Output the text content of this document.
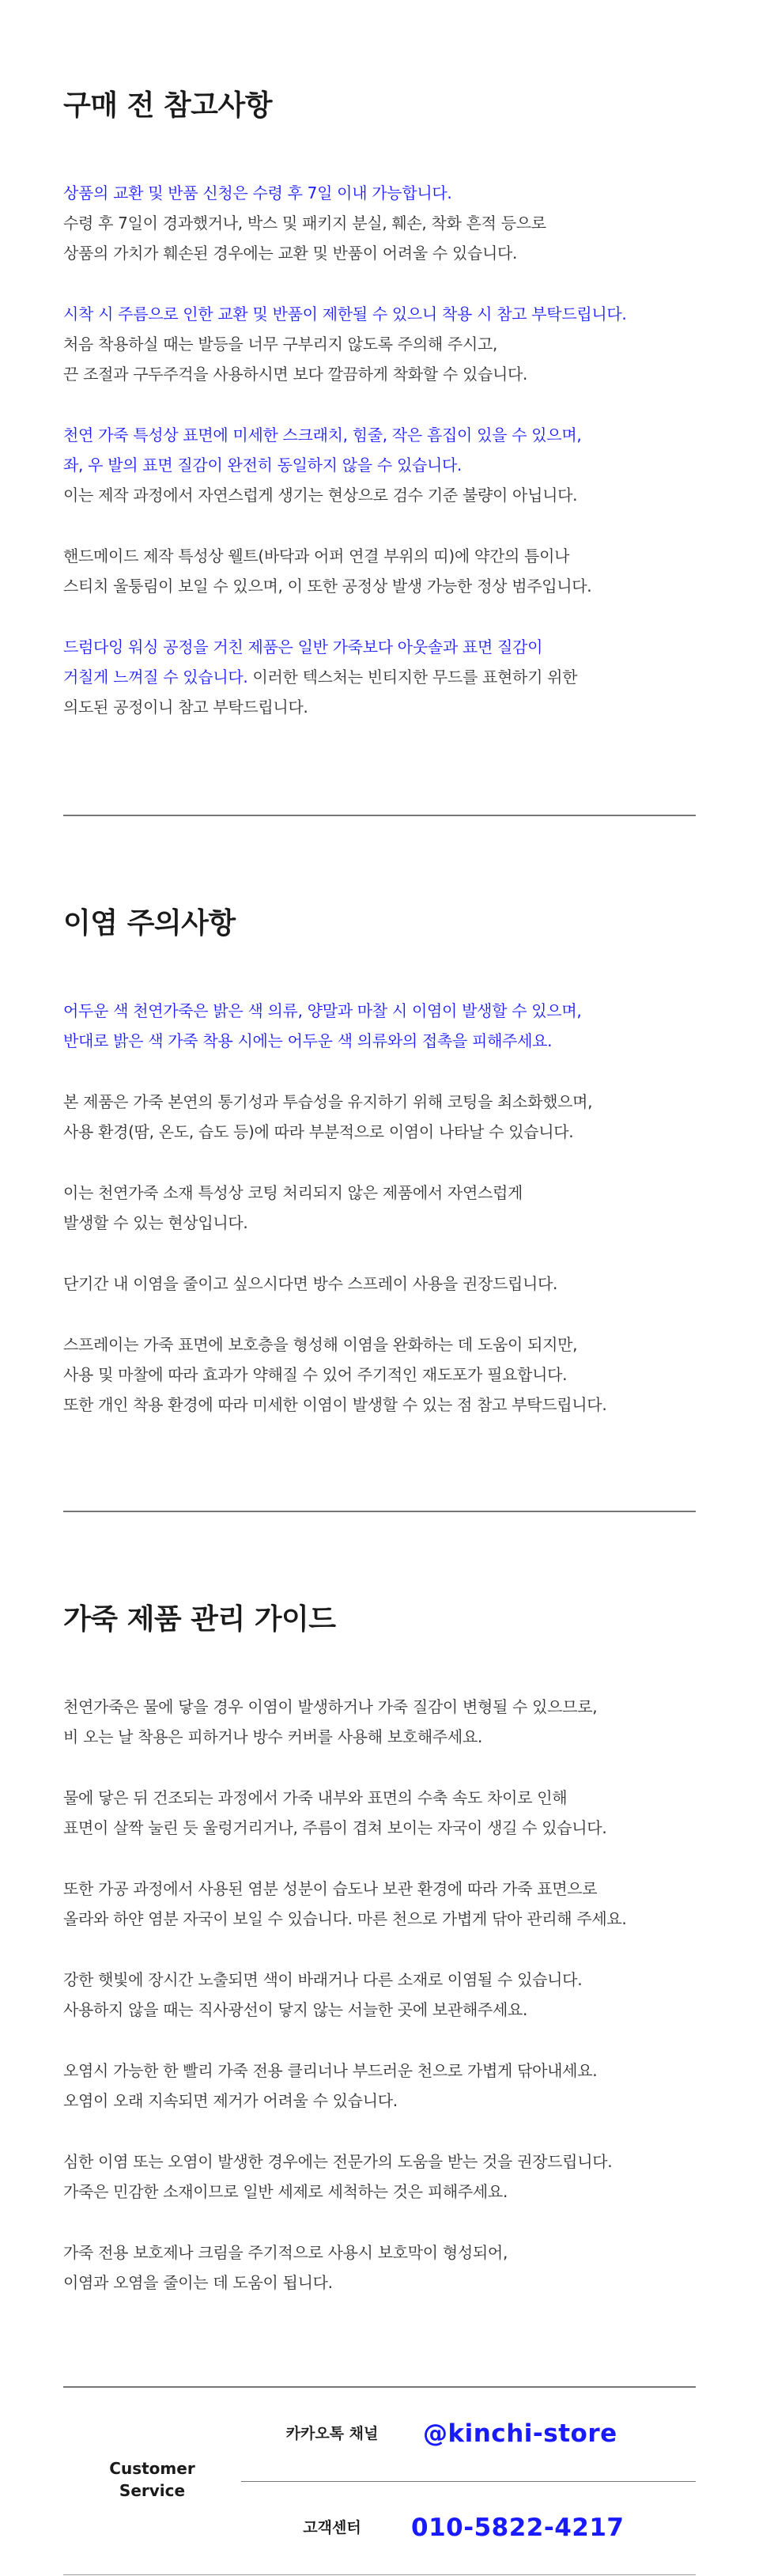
구매 전 참고사항
상품의 교환 및 반품 신청은 수령 후 7일 이내 가능합니다.
수령 후 7일이 경과했거나, 박스 및 패키지 분실, 훼손, 착화 흔적 등으로
상품의 가치가 훼손된 경우에는 교환 및 반품이 어려울 수 있습니다.
시착 시 주름으로 인한 교환 및 반품이 제한될 수 있으니 착용 시 참고 부탁드립니다.
처음 착용하실 때는 발등을 너무 구부리지 않도록 주의해 주시고,
끈 조절과 구두주걱을 사용하시면 보다 깔끔하게 착화할 수 있습니다.
천연 가죽 특성상 표면에 미세한 스크래치, 힘줄, 작은 흠집이 있을 수 있으며,
좌, 우 발의 표면 질감이 완전히 동일하지 않을 수 있습니다.
이는 제작 과정에서 자연스럽게 생기는 현상으로 검수 기준 불량이 아닙니다.
핸드메이드 제작 특성상 웰트(바닥과 어퍼 연결 부위의 띠)에 약간의 틈이나
스티치 울퉁림이 보일 수 있으며, 이 또한 공정상 발생 가능한 정상 범주입니다.
드럼다잉 워싱 공정을 거친 제품은 일반 가죽보다 아웃솔과 표면 질감이
거칠게 느껴질 수 있습니다. 이러한 텍스처는 빈티지한 무드를 표현하기 위한
의도된 공정이니 참고 부탁드립니다.
이염 주의사항
어두운 색 천연가죽은 밝은 색 의류, 양말과 마찰 시 이염이 발생할 수 있으며,
반대로 밝은 색 가죽 착용 시에는 어두운 색 의류와의 접촉을 피해주세요.
본 제품은 가죽 본연의 통기성과 투습성을 유지하기 위해 코팅을 최소화했으며,
사용 환경(땀, 온도, 습도 등)에 따라 부분적으로 이염이 나타날 수 있습니다.
이는 천연가죽 소재 특성상 코팅 처리되지 않은 제품에서 자연스럽게
발생할 수 있는 현상입니다.
단기간 내 이염을 줄이고 싶으시다면 방수 스프레이 사용을 권장드립니다.
스프레이는 가죽 표면에 보호층을 형성해 이염을 완화하는 데 도움이 되지만,
사용 및 마찰에 따라 효과가 약해질 수 있어 주기적인 재도포가 필요합니다.
또한 개인 착용 환경에 따라 미세한 이염이 발생할 수 있는 점 참고 부탁드립니다.
가죽 제품 관리 가이드
천연가죽은 물에 닿을 경우 이염이 발생하거나 가죽 질감이 변형될 수 있으므로,
비 오는 날 착용은 피하거나 방수 커버를 사용해 보호해주세요.
물에 닿은 뒤 건조되는 과정에서 가죽 내부와 표면의 수축 속도 차이로 인해
표면이 살짝 눌린 듯 울렁거리거나, 주름이 겹쳐 보이는 자국이 생길 수 있습니다.
또한 가공 과정에서 사용된 염분 성분이 습도나 보관 환경에 따라 가죽 표면으로
올라와 하얀 염분 자국이 보일 수 있습니다. 마른 천으로 가볍게 닦아 관리해 주세요.
강한 햇빛에 장시간 노출되면 색이 바래거나 다른 소재로 이염될 수 있습니다.
사용하지 않을 때는 직사광선이 닿지 않는 서늘한 곳에 보관해주세요.
오염시 가능한 한 빨리 가죽 전용 클리너나 부드러운 천으로 가볍게 닦아내세요.
오염이 오래 지속되면 제거가 어려울 수 있습니다.
심한 이염 또는 오염이 발생한 경우에는 전문가의 도움을 받는 것을 권장드립니다.
가죽은 민감한 소재이므로 일반 세제로 세척하는 것은 피해주세요.
가죽 전용 보호제나 크림을 주기적으로 사용시 보호막이 형성되어,
이염과 오염을 줄이는 데 도움이 됩니다.
Customer
Service
카카오톡 채널	@kinchi-store
고객센터	010-5822-4217
